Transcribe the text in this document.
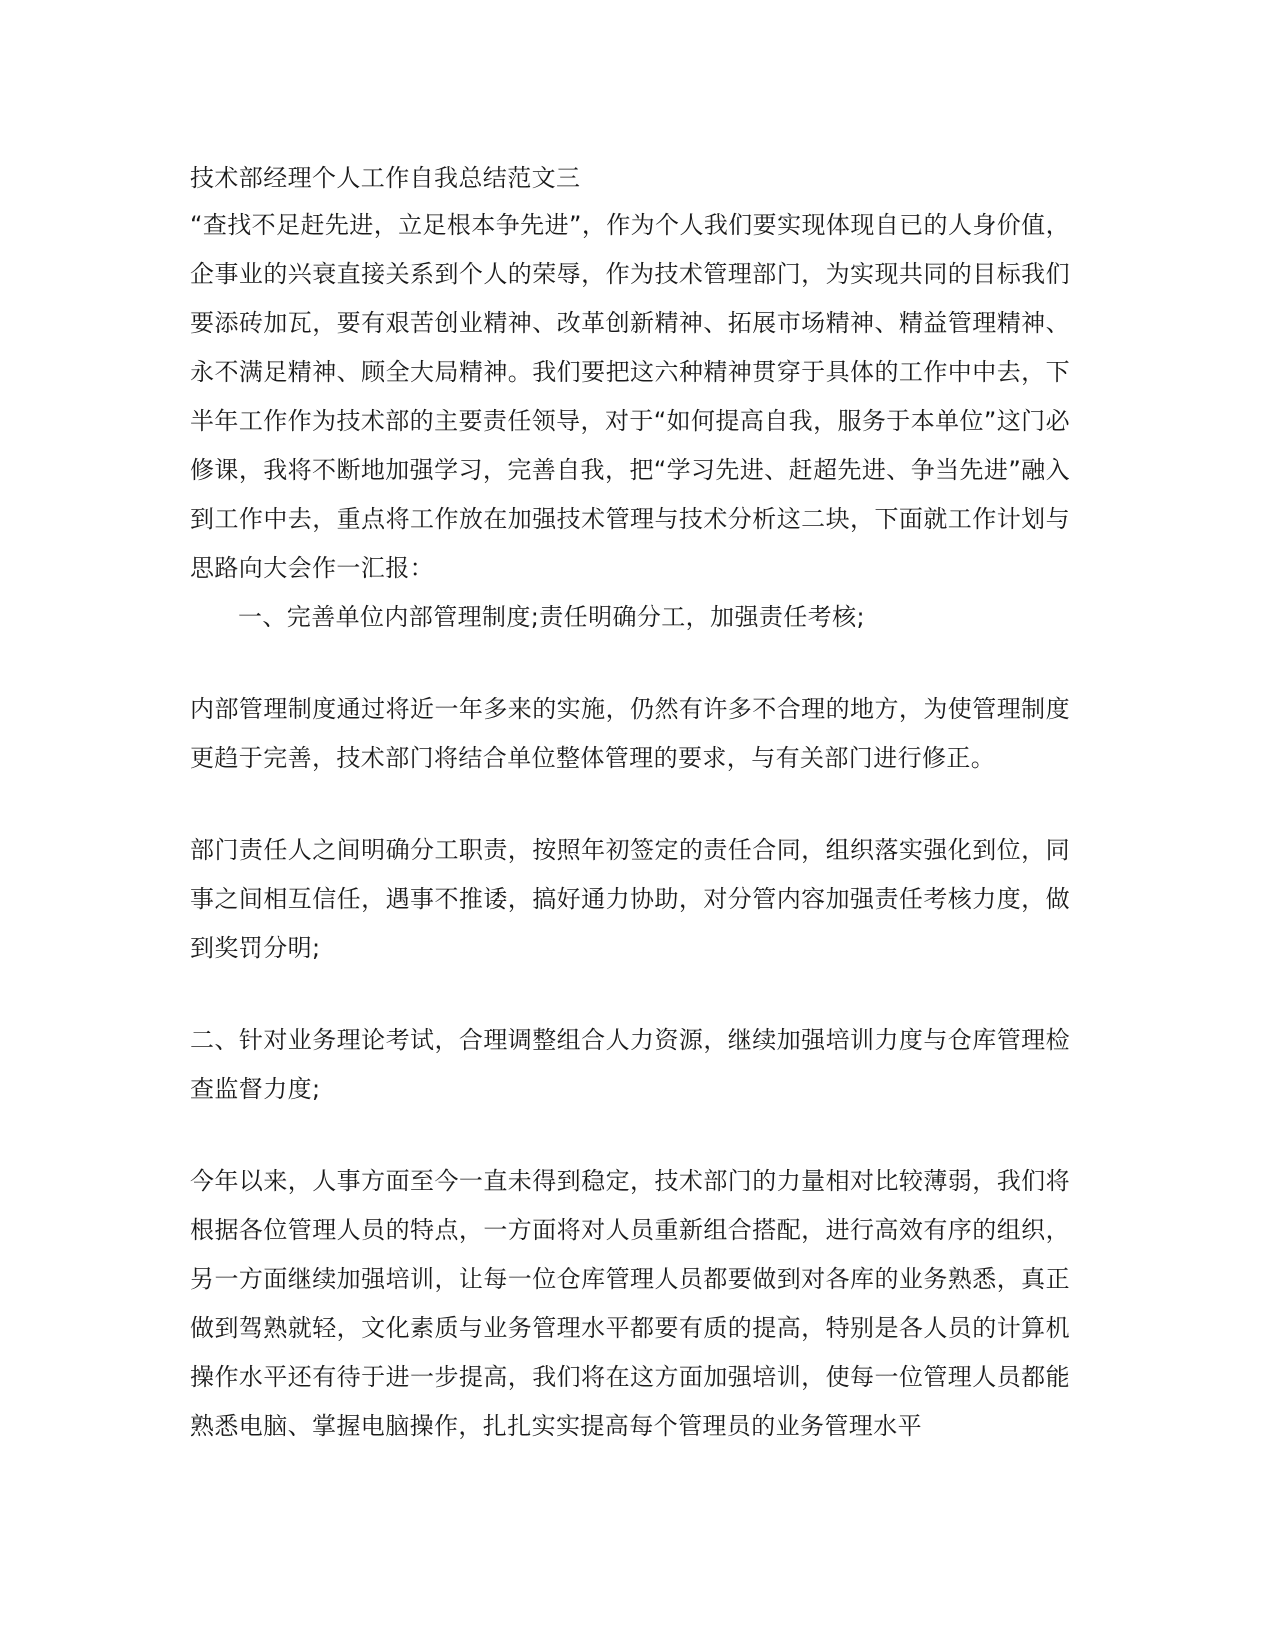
技术部经理个人工作自我总结范文三

“查找不足赶先进，立足根本争先进”，作为个人我们要实现体现自已的人身价值，企事业的兴衰直接关系到个人的荣辱，作为技术管理部门，为实现共同的目标我们要添砖加瓦，要有艰苦创业精神、改革创新精神、拓展市场精神、精益管理精神、永不满足精神、顾全大局精神。我们要把这六种精神贯穿于具体的工作中中去，下半年工作作为技术部的主要责任领导，对于“如何提高自我，服务于本单位”这门必修课，我将不断地加强学习，完善自我，把“学习先进、赶超先进、争当先进”融入到工作中去，重点将工作放在加强技术管理与技术分析这二块，下面就工作计划与思路向大会作一汇报：

一、完善单位内部管理制度;责任明确分工，加强责任考核;

内部管理制度通过将近一年多来的实施，仍然有许多不合理的地方，为使管理制度更趋于完善，技术部门将结合单位整体管理的要求，与有关部门进行修正。

部门责任人之间明确分工职责，按照年初签定的责任合同，组织落实强化到位，同事之间相互信任，遇事不推诿，搞好通力协助，对分管内容加强责任考核力度，做到奖罚分明;

二、针对业务理论考试，合理调整组合人力资源，继续加强培训力度与仓库管理检查监督力度;

今年以来，人事方面至今一直未得到稳定，技术部门的力量相对比较薄弱，我们将根据各位管理人员的特点，一方面将对人员重新组合搭配，进行高效有序的组织，另一方面继续加强培训，让每一位仓库管理人员都要做到对各库的业务熟悉，真正做到驾熟就轻，文化素质与业务管理水平都要有质的提高，特别是各人员的计算机操作水平还有待于进一步提高，我们将在这方面加强培训，使每一位管理人员都能熟悉电脑、掌握电脑操作，扎扎实实提高每个管理员的业务管理水平
